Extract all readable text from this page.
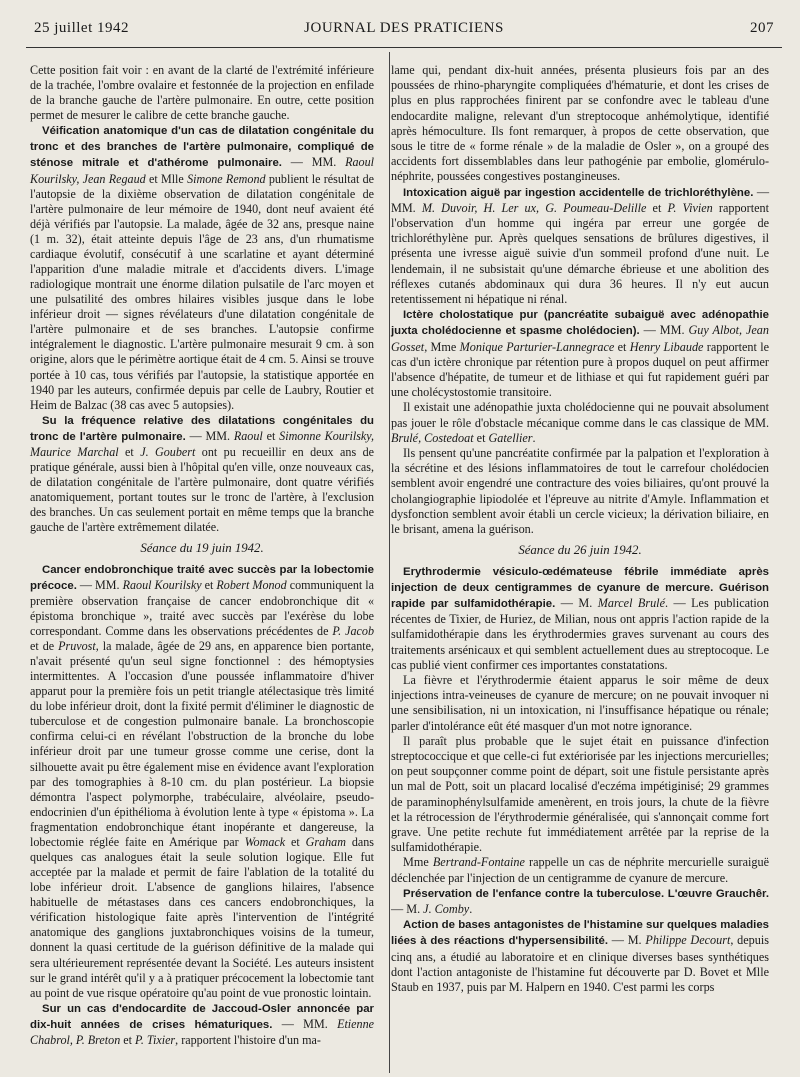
25 juillet 1942	JOURNAL DES PRATICIENS	207

Cette position fait voir : en avant de la clarté de l'extrémité inférieure de la trachée, l'ombre ovalaire et festonnée de la projection en enfilade de la branche gauche de l'artère pulmonaire. En outre, cette position permet de mesurer le calibre de cette branche gauche.

Véification anatomique d'un cas de dilatation congénitale du tronc et des branches de l'artère pulmonaire, compliqué de sténose mitrale et d'athérome pulmonaire. — MM. Raoul Kourilsky, Jean Regaud et Mlle Simone Remond publient le résultat de l'autopsie de la dixième observation de dilatation congénitale de l'artère pulmonaire de leur mémoire de 1940, dont neuf avaient été déjà vérifiés par l'autopsie. La malade, âgée de 32 ans, presque naine (1 m. 32), était atteinte depuis l'âge de 23 ans, d'un rhumatisme cardiaque évolutif, consécutif à une scarlatine et ayant déterminé l'apparition d'une maladie mitrale et d'accidents divers. L'image radiologique montrait une énorme dilation pulsatile de l'arc moyen et une pulsatilité des ombres hilaires visibles jusque dans le lobe inférieur droit — signes révélateurs d'une dilatation congénitale de l'artère pulmonaire et de ses branches. L'autopsie confirme intégralement le diagnostic. L'artère pulmonaire mesurait 9 cm. à son origine, alors que le périmètre aortique était de 4 cm. 5. Ainsi se trouve portée à 10 cas, tous vérifiés par l'autopsie, la statistique apportée en 1940 par les auteurs, confirmée depuis par celle de Laubry, Routier et Heim de Balzac (38 cas avec 5 autopsies).

Su la fréquence relative des dilatations congénitales du tronc de l'artère pulmonaire. — MM. Raoul et Simonne Kourilsky, Maurice Marchal et J. Goubert ont pu recueillir en deux ans de pratique générale, aussi bien à l'hôpital qu'en ville, onze nouveaux cas, de dilatation congénitale de l'artère pulmonaire, dont quatre vérifiés anatomiquement, portant toutes sur le tronc de l'artère, à l'exclusion des branches. Un cas seulement portait en même temps que la branche gauche de l'artère extrêmement dilatée.

Séance du 19 juin 1942.

Cancer endobronchique traité avec succès par la lobectomie précoce. — MM. Raoul Kourilsky et Robert Monod communiquent la première observation française de cancer endobronchique dit « épistoma bronchique », traité avec succès par l'exérèse du lobe correspondant. Comme dans les observations précédentes de P. Jacob et de Pruvost, la malade, âgée de 29 ans, en apparence bien portante, n'avait présenté qu'un seul signe fonctionnel : des hémoptysies intermittentes. A l'occasion d'une poussée inflammatoire d'hiver apparut pour la première fois un petit triangle atélectasique très limité du lobe inférieur droit, dont la fixité permit d'éliminer le diagnostic de tuberculose et de congestion pulmonaire banale. La bronchoscopie confirma celui-ci en révélant l'obstruction de la bronche du lobe inférieur droit par une tumeur grosse comme une cerise, dont la silhouette avait pu être également mise en évidence avant l'exploration par des tomographies à 8-10 cm. du plan postérieur. La biopsie démontra l'aspect polymorphe, trabéculaire, alvéolaire, pseudo-endocrinien d'un épithélioma à évolution lente à type « épistoma ». La fragmentation endobronchique étant inopérante et dangereuse, la lobectomie réglée faite en Amérique par Womack et Graham dans quelques cas analogues était la seule solution logique. Elle fut acceptée par la malade et permit de faire l'ablation de la totalité du lobe inférieur droit. L'absence de ganglions hilaires, l'absence habituelle de métastases dans ces cancers endobronchiques, la vérification histologique faite après l'intervention de l'intégrité anatomique des ganglions juxtabronchiques voisins de la tumeur, donnent la quasi certitude de la guérison définitive de la malade qui sera ultérieurement représentée devant la Société. Les auteurs insistent sur le grand intérêt qu'il y a à pratiquer précocement la lobectomie tant au point de vue risque opératoire qu'au point de vue pronostic lointain.

Sur un cas d'endocardite de Jaccoud-Osler annoncée par dix-huit années de crises hématuriques. — MM. Etienne Chabrol, P. Breton et P. Tixier, rapportent l'histoire d'un ma-

lame qui, pendant dix-huit années, présenta plusieurs fois par an des poussées de rhino-pharyngite compliquées d'hématurie, et dont les crises de plus en plus rapprochées finirent par se confondre avec le tableau d'une endocardite maligne, relevant d'un streptocoque anhémolytique, identifié après hémoculture. Ils font remarquer, à propos de cette observation, que sous le titre de « forme rénale » de la maladie de Osler », on a groupé des accidents fort dissemblables dans leur pathogénie par embolie, glomérulo-néphrite, poussées congestives postangineuses.

Intoxication aiguë par ingestion accidentelle de trichloréthylène. — MM. M. Duvoir, H. Ler ux, G. Poumeau-Delille et P. Vivien rapportent l'observation d'un homme qui ingéra par erreur une gorgée de trichloréthylène pur. Après quelques sensations de brûlures digestives, il présenta une ivresse aiguë suivie d'un sommeil profond d'une nuit. Le lendemain, il ne subsistait qu'une démarche ébrieuse et une abolition des réflexes cutanés abdominaux qui dura 36 heures. Il n'y eut aucun retentissement ni hépatique ni rénal.

Ictère cholostatique pur (pancréatite subaiguë avec adénopathie juxta cholédocienne et spasme cholédocien). — MM. Guy Albot, Jean Gosset, Mme Monique Parturier-Lannegrace et Henry Libaude rapportent le cas d'un ictère chronique par rétention pure à propos duquel on peut affirmer l'absence d'hépatite, de tumeur et de lithiase et qui fut rapidement guéri par une cholécystostomie transitoire.

Il existait une adénopathie juxta cholédocienne qui ne pouvait absolument pas jouer le rôle d'obstacle mécanique comme dans le cas classique de MM. Brulé, Costedoat et Gatellier.

Ils pensent qu'une pancréatite confirmée par la palpation et l'exploration à la sécrétine et des lésions inflammatoires de tout le carrefour cholédocien semblent avoir engendré une contracture des voies biliaires, qu'ont prouvé la cholangiographie lipiodolée et l'épreuve au nitrite d'Amyle. Inflammation et dysfonction semblent avoir établi un cercle vicieux; la dérivation biliaire, en le brisant, amena la guérison.

Séance du 26 juin 1942.

Erythrodermie vésiculo-œdémateuse fébrile immédiate après injection de deux centigrammes de cyanure de mercure. Guérison rapide par sulfamidothérapie. — M. Marcel Brulé. — Les publication récentes de Tixier, de Huriez, de Milian, nous ont appris l'action rapide de la sulfamidothérapie dans les érythrodermies graves survenant au cours des traitements arsénicaux et qui semblent actuellement dues au streptocoque. Le cas publié vient confirmer ces importantes constatations.

La fièvre et l'érythrodermie étaient apparus le soir même de deux injections intra-veineuses de cyanure de mercure; on ne pouvait invoquer ni une sensibilisation, ni un intoxication, ni l'insuffisance hépatique ou rénale; parler d'intolérance eût été masquer d'un mot notre ignorance.

Il paraît plus probable que le sujet était en puissance d'infection streptococcique et que celle-ci fut extériorisée par les injections mercurielles; on peut soupçonner comme point de départ, soit une fistule persistante après un mal de Pott, soit un placard localisé d'eczéma impétiginisé; 29 grammes de paraminophénylsulfamide amenèrent, en trois jours, la chute de la fièvre et la rétrocession de l'érythrodermie généralisée, qui s'annonçait comme fort grave. Une petite rechute fut immédiatement arrêtée par la reprise de la sulfamidothérapie.

Mme Bertrand-Fontaine rappelle un cas de néphrite mercurielle suraiguë déclenchée par l'injection de un centigramme de cyanure de mercure.

Préservation de l'enfance contre la tuberculose. L'œuvre Grauchêr. — M. J. Comby.

Action de bases antagonistes de l'histamine sur quelques maladies liées à des réactions d'hypersensibilité. — M. Philippe Decourt, depuis cinq ans, a étudié au laboratoire et en clinique diverses bases synthétiques dont l'action antagoniste de l'histamine fut découverte par D. Bovet et Mlle Staub en 1937, puis par M. Halpern en 1940. C'est parmi les corps
